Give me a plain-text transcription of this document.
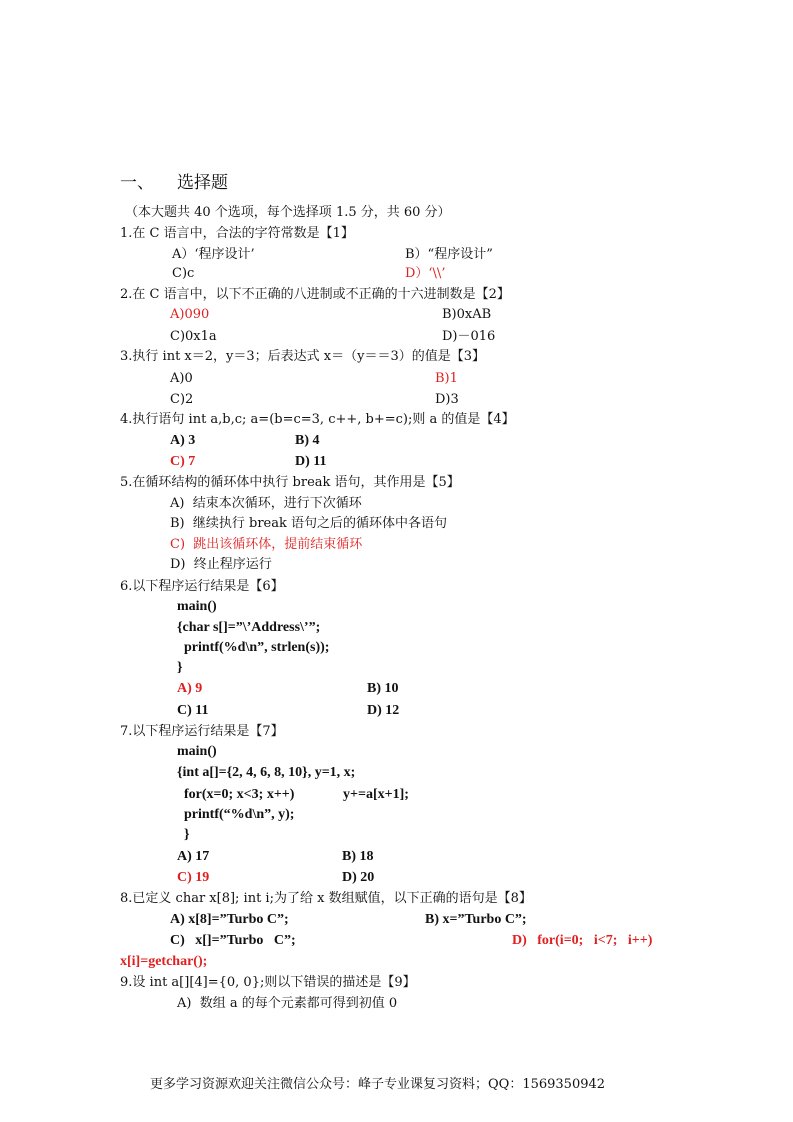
一、 选择题
（本大题共 40 个选项，每个选择项 1.5 分，共 60 分）
1.在 C 语言中，合法的字符常数是【1】
A）‘程序设计’	B）“程序设计”
C)c	D）‘\\’
2.在 C 语言中，以下不正确的八进制或不正确的十六进制数是【2】
A)090	B)0xAB
C)0x1a	D)－016
3.执行 int x＝2，y＝3；后表达式 x＝（y＝＝3）的值是【3】
A)0	B)1
C)2	D)3
4.执行语句 int a,b,c; a=(b=c=3, c++, b+=c);则 a 的值是【4】
A) 3	B) 4
C) 7	D) 11
5.在循环结构的循环体中执行 break 语句，其作用是【5】
A)  结束本次循环，进行下次循环
B)  继续执行 break 语句之后的循环体中各语句
C)  跳出该循环体，提前结束循环
D)  终止程序运行
6.以下程序运行结果是【6】
main()
{char s[]=”\’Address\’”;
printf(%d\n”, strlen(s));
}
A) 9	B) 10
C) 11	D) 12
7.以下程序运行结果是【7】
main()
{int a[]={2, 4, 6, 8, 10}, y=1, x;
for(x=0; x<3; x++)	y+=a[x+1];
printf(“%d\n”, y);
}
A) 17	B) 18
C) 19	D) 20
8.已定义 char x[8]; int i;为了给 x 数组赋值，以下正确的语句是【8】
A) x[8]=”Turbo C”;	B) x=”Turbo C”;
C)   x[]=”Turbo   C”;	D)   for(i=0;   i<7;   i++)
x[i]=getchar();
9.设 int a[][4]={0, 0};则以下错误的描述是【9】
A)  数组 a 的每个元素都可得到初值 0
更多学习资源欢迎关注微信公众号：峰子专业课复习资料；QQ：1569350942
